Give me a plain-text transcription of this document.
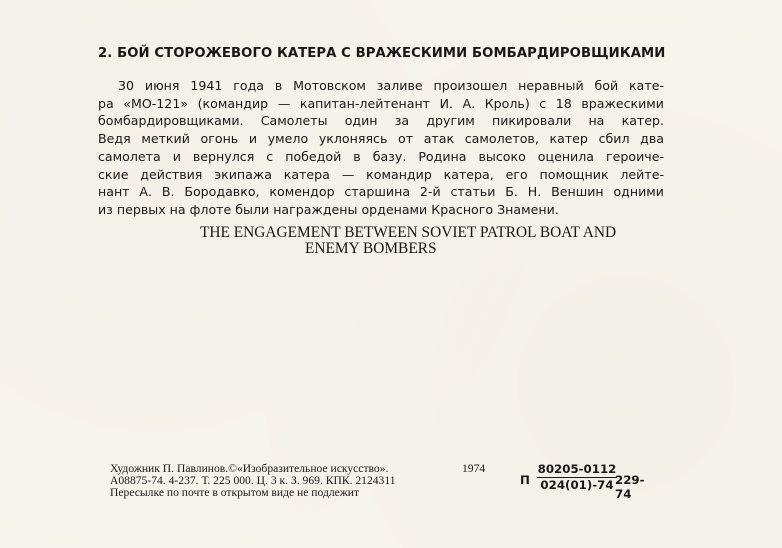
2. БОЙ СТОРОЖЕВОГО КАТЕРА С ВРАЖЕСКИМИ БОМБАРДИРОВЩИКАМИ
30 июня 1941 года в Мотовском заливе произошел неравный бой кате-
ра «МО-121» (командир — капитан-лейтенант И. А. Кроль) с 18 вражескими
бомбардировщиками. Самолеты один за другим пикировали на катер.
Ведя меткий огонь и умело уклоняясь от атак самолетов, катер сбил два
самолета и вернулся с победой в базу. Родина высоко оценила героиче-
ские действия экипажа катера — командир катера, его помощник лейте-
нант А. В. Бородавко, комендор старшина 2-й статьи Б. Н. Веншин одними
из первых на флоте были награждены орденами Красного Знамени.
THE ENGAGEMENT BETWEEN SOVIET PATROL BOAT AND
ENEMY BOMBERS
Художник П. Павлинов.©«Изобразительное искусство».	1974
А08875-74. 4-237. Т. 225 000. Ц. 3 к. З. 969. КПК. 2124311
Пересылке по почте в открытом виде не подлежит
П $\frac{80205-0112}{024(01)-74}$
229-74
